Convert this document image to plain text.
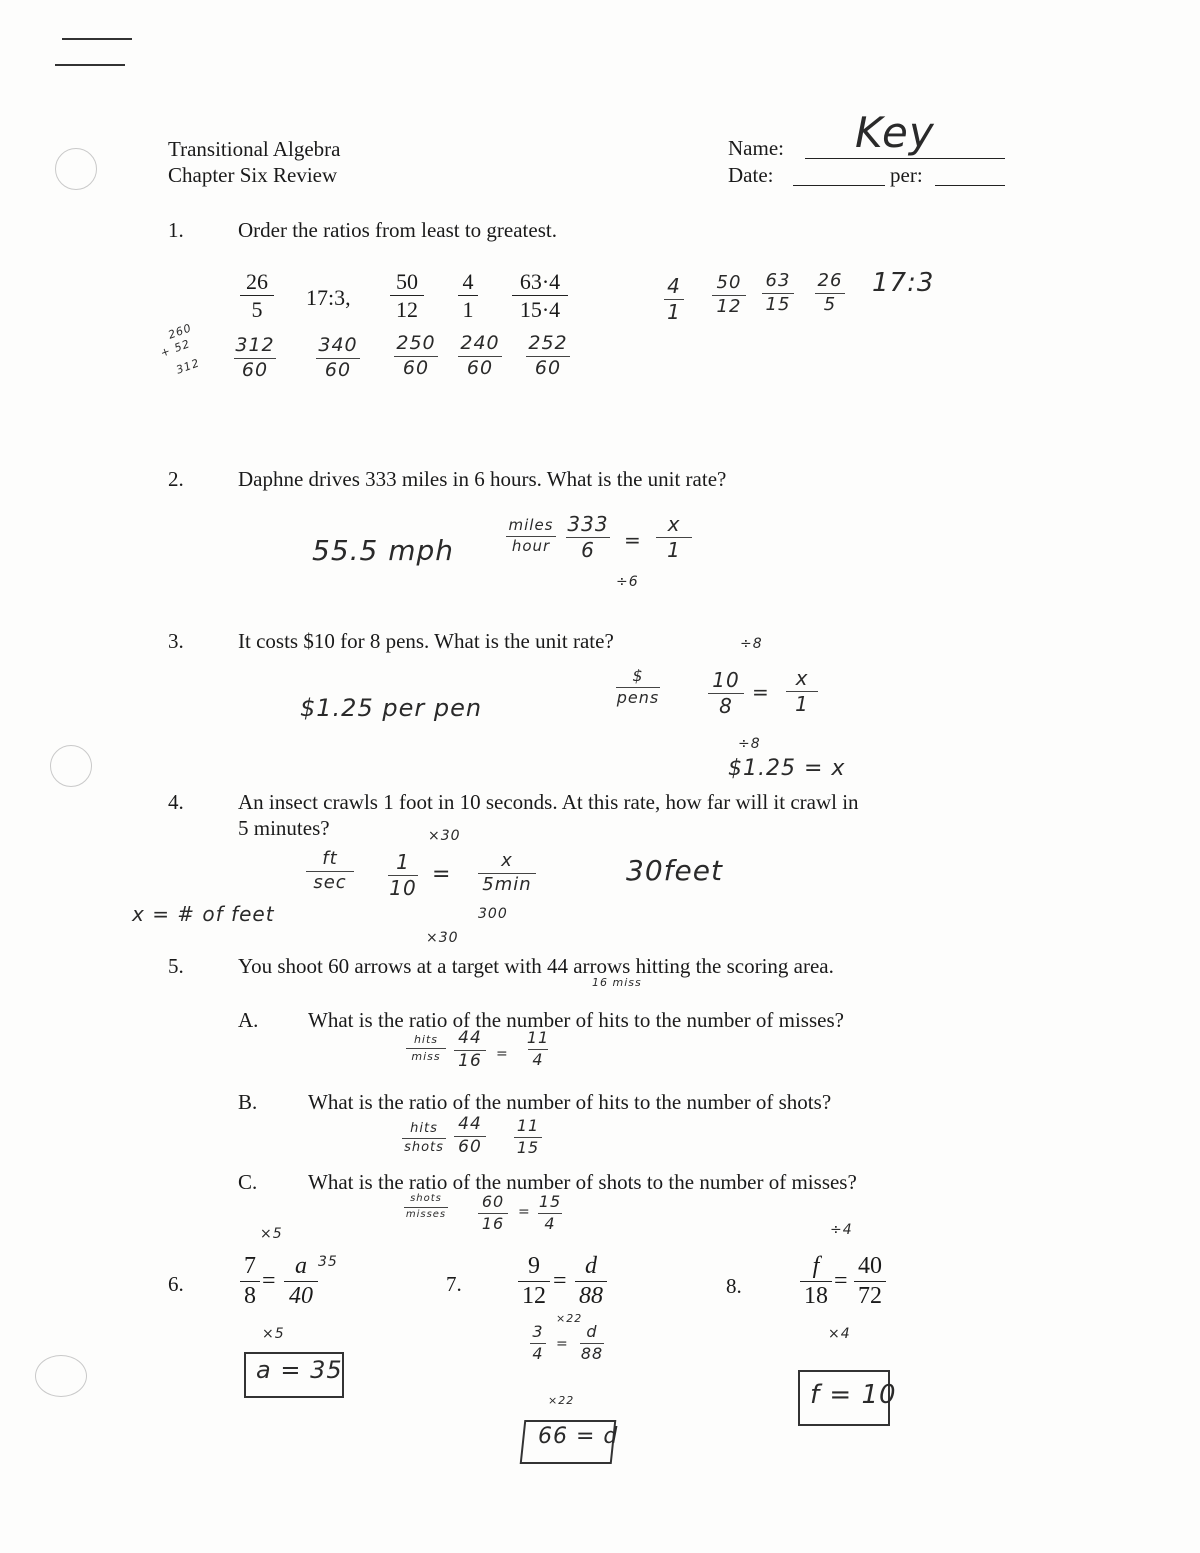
Transitional Algebra
Chapter Six Review
Name: Key
Date:	per:
1.	Order the ratios from least to greatest.
26
5 17:3,
50
12
4
1
63·4
15·4
312
60
340
60
250
60
240
60
252
60
260
+ 52
312
4
1
50
12
63
15
26
5
17:3
2.	Daphne drives 333 miles in 6 hours. What is the unit rate?
55.5 mph
miles
hour
333
6 =
x
1
÷6
3.	It costs $10 for 8 pens. What is the unit rate?
$1.25 per pen
$
pens
10
8
=
x
1
÷8
÷8
$1.25 = x
4.	An insect crawls 1 foot in 10 seconds. At this rate, how far will it crawl in
5 minutes?
ft
sec
1
10
=
x
5min
×30
×30
300
30feet
x = # of feet
5.	You shoot 60 arrows at a target with 44 arrows hitting the scoring area.
16 miss
A. What is the ratio of the number of hits to the number of misses?
hits
miss
44
16 =
11
4
B. What is the ratio of the number of hits to the number of shots?
hits
shots
44
60
11
15
C. What is the ratio of the number of shots to the number of misses?
shots
misses
60
16
=
15
4
6.
7
8
=
a
40
×5
×5
35
a = 35
7.
9
12
=
d
88
3
4 =
d
88
×22
×22
66 = d
8.
f
18
=
40
72
÷4
×4
f = 10
